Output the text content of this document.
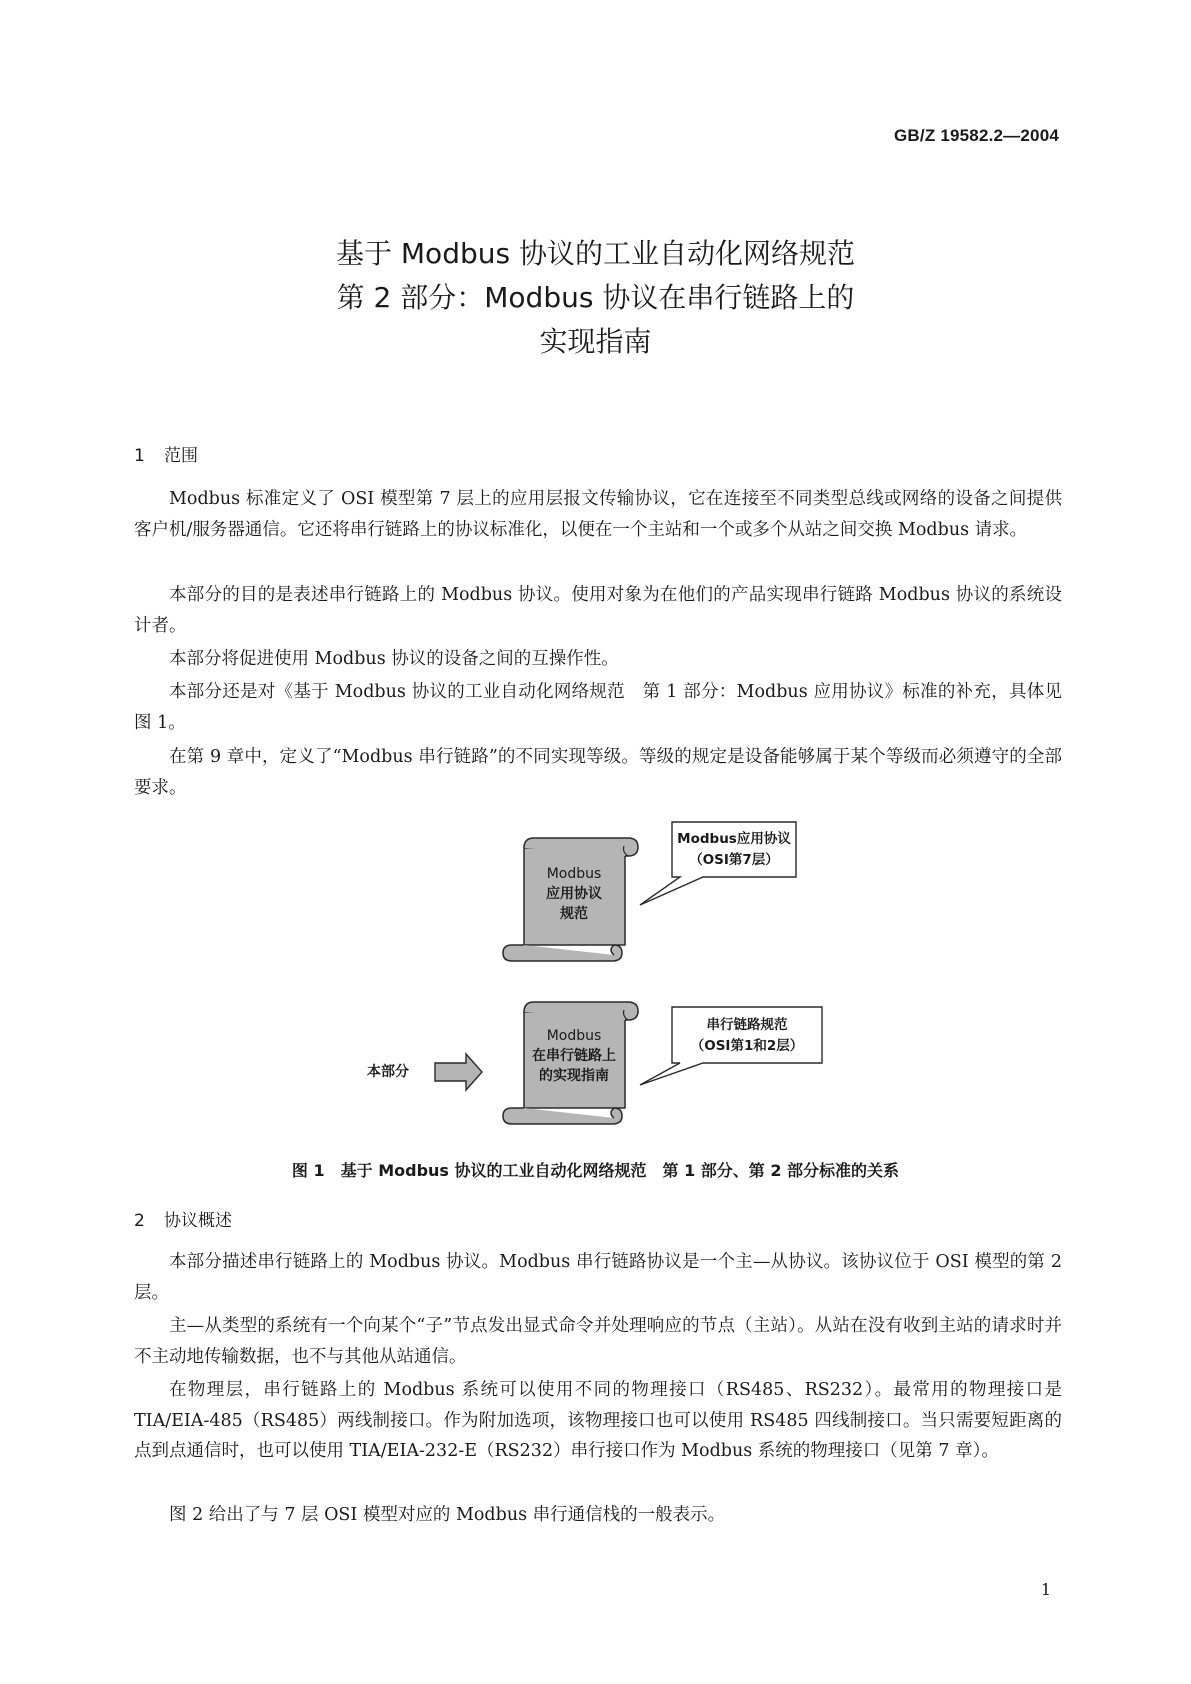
GB/Z 19582.2—2004
基于 Modbus 协议的工业自动化网络规范
第 2 部分：Modbus 协议在串行链路上的
实现指南
1 范围

Modbus 标准定义了 OSI 模型第 7 层上的应用层报文传输协议，它在连接至不同类型总线或网络的设备之间提供客户机/服务器通信。它还将串行链路上的协议标准化，以便在一个主站和一个或多个从站之间交换 Modbus 请求。

本部分的目的是表述串行链路上的 Modbus 协议。使用对象为在他们的产品实现串行链路 Modbus 协议的系统设计者。

本部分将促进使用 Modbus 协议的设备之间的互操作性。

本部分还是对《基于 Modbus 协议的工业自动化网络规范　第 1 部分：Modbus 应用协议》标准的补充，具体见图 1。

在第 9 章中，定义了“Modbus 串行链路”的不同实现等级。等级的规定是设备能够属于某个等级而必须遵守的全部要求。

Modbus
应用协议
规范
Modbus应用协议
（OSI第7层）
Modbus
在串行链路上
的实现指南
串行链路规范
（OSI第1和2层）
本部分
图 1　基于 Modbus 协议的工业自动化网络规范　第 1 部分、第 2 部分标准的关系
2 协议概述

本部分描述串行链路上的 Modbus 协议。Modbus 串行链路协议是一个主—从协议。该协议位于 OSI 模型的第 2 层。

主—从类型的系统有一个向某个“子”节点发出显式命令并处理响应的节点（主站）。从站在没有收到主站的请求时并不主动地传输数据，也不与其他从站通信。

在物理层，串行链路上的 Modbus 系统可以使用不同的物理接口（RS485、RS232）。最常用的物理接口是 TIA/EIA-485（RS485）两线制接口。作为附加选项，该物理接口也可以使用 RS485 四线制接口。当只需要短距离的点到点通信时，也可以使用 TIA/EIA-232-E（RS232）串行接口作为 Modbus 系统的物理接口（见第 7 章）。

图 2 给出了与 7 层 OSI 模型对应的 Modbus 串行通信栈的一般表示。

1
